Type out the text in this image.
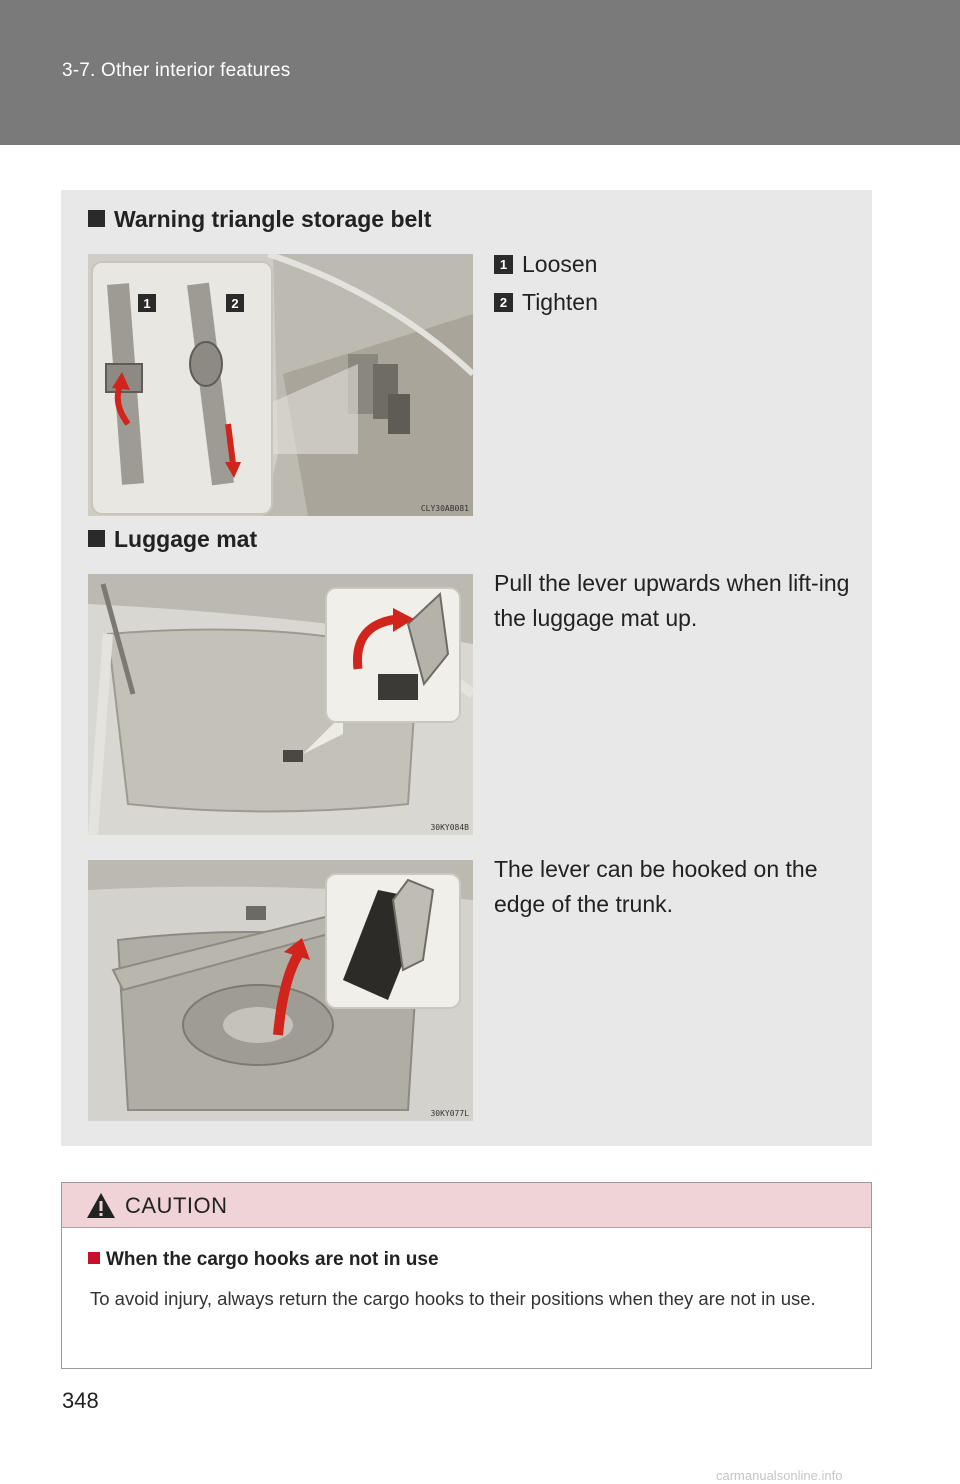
3-7. Other interior features
Warning triangle storage belt
1	2
CLY30AB081
1 Loosen
2 Tighten
Luggage mat
30KY084B
Pull the lever upwards when lift-ing the luggage mat up.
30KY077L
The lever can be hooked on the edge of the trunk.
CAUTION
When the cargo hooks are not in use
To avoid injury, always return the cargo hooks to their positions when they are not in use.
348
carmanualsonline.info
